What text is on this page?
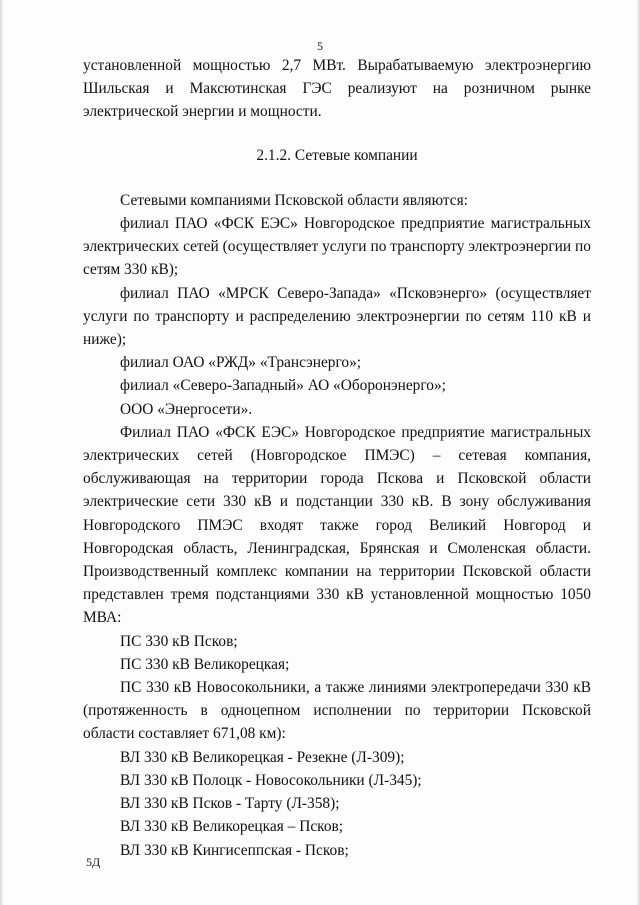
5

установленной мощностью 2,7 МВт. Вырабатываемую электроэнергию Шильская и Максютинская ГЭС реализуют на розничном рынке электрической энергии и мощности.

2.1.2. Сетевые компании

Сетевыми компаниями Псковской области являются:

филиал ПАО «ФСК ЕЭС» Новгородское предприятие магистральных электрических сетей (осуществляет услуги по транспорту электроэнергии по сетям 330 кВ);

филиал ПАО «МРСК Северо-Запада» «Псковэнерго» (осуществляет услуги по транспорту и распределению электроэнергии по сетям 110 кВ и ниже);

филиал ОАО «РЖД» «Трансэнерго»;

филиал «Северо-Западный» АО «Оборонэнерго»;

ООО «Энергосети».

Филиал ПАО «ФСК ЕЭС» Новгородское предприятие магистральных электрических сетей (Новгородское ПМЭС) – сетевая компания, обслуживающая на территории города Пскова и Псковской области электрические сети 330 кВ и подстанции 330 кВ. В зону обслуживания Новгородского ПМЭС входят также город Великий Новгород и Новгородская область, Ленинградская, Брянская и Смоленская области. Производственный комплекс компании на территории Псковской области представлен тремя подстанциями 330 кВ установленной мощностью 1050 МВА:

ПС 330 кВ Псков;

ПС 330 кВ Великорецкая;

ПС 330 кВ Новосокольники, а также линиями электропередачи 330 кВ (протяженность в одноцепном исполнении по территории Псковской области составляет 671,08 км):

ВЛ 330 кВ Великорецкая - Резекне (Л-309);

ВЛ 330 кВ Полоцк - Новосокольники (Л-345);

ВЛ 330 кВ Псков - Тарту (Л-358);

ВЛ 330 кВ Великорецкая – Псков;

ВЛ 330 кВ Кингисеппская - Псков;

5Д
